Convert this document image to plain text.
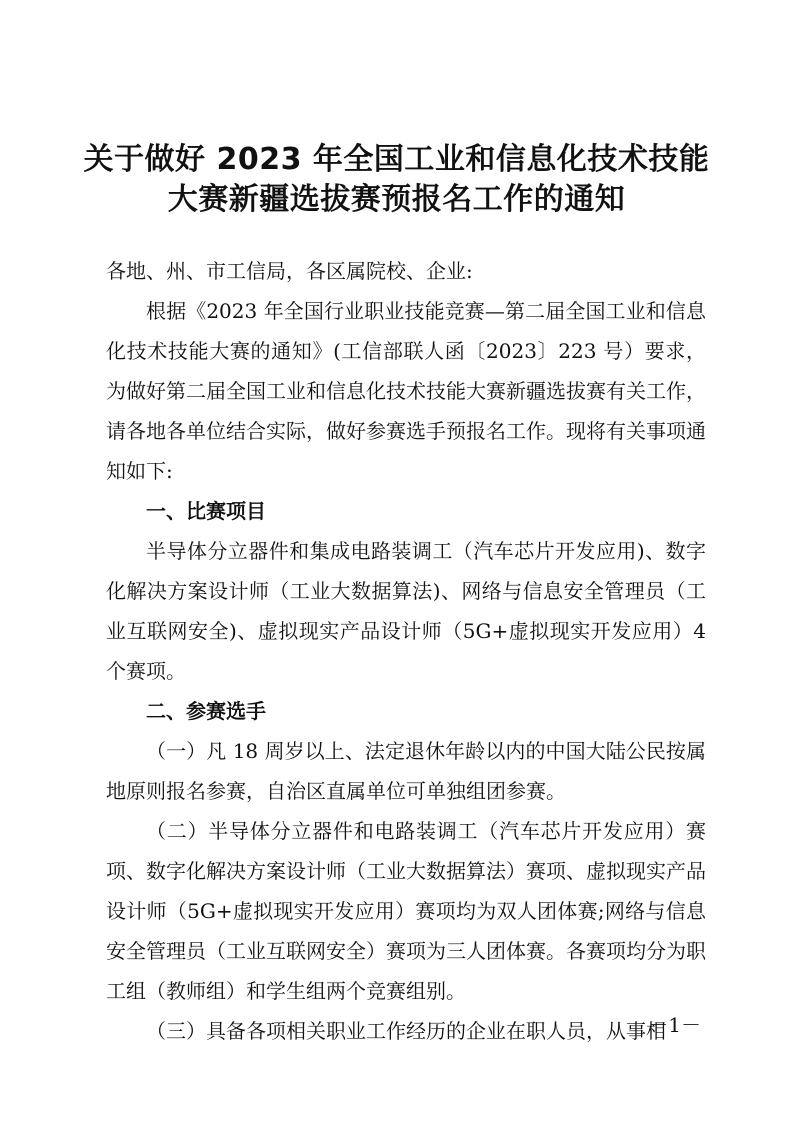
关于做好 2023 年全国工业和信息化技术技能
大赛新疆选拔赛预报名工作的通知

各地、州、市工信局，各区属院校、企业:

根据《2023 年全国行业职业技能竞赛—第二届全国工业和信息化技术技能大赛的通知》(工信部联人函〔2023〕223 号）要求，为做好第二届全国工业和信息化技术技能大赛新疆选拔赛有关工作，请各地各单位结合实际，做好参赛选手预报名工作。现将有关事项通知如下:

一、比赛项目

半导体分立器件和集成电路装调工（汽车芯片开发应用)、数字化解决方案设计师（工业大数据算法)、网络与信息安全管理员（工业互联网安全)、虚拟现实产品设计师（5G+虚拟现实开发应用）4 个赛项。

二、参赛选手

（一）凡 18 周岁以上、法定退休年龄以内的中国大陆公民按属地原则报名参赛，自治区直属单位可单独组团参赛。

（二）半导体分立器件和电路装调工（汽车芯片开发应用）赛项、数字化解决方案设计师（工业大数据算法）赛项、虚拟现实产品设计师（5G+虚拟现实开发应用）赛项均为双人团体赛;网络与信息安全管理员（工业互联网安全）赛项为三人团体赛。各赛项均分为职工组（教师组）和学生组两个竞赛组别。

（三）具备各项相关职业工作经历的企业在职人员，从事相

－1－
